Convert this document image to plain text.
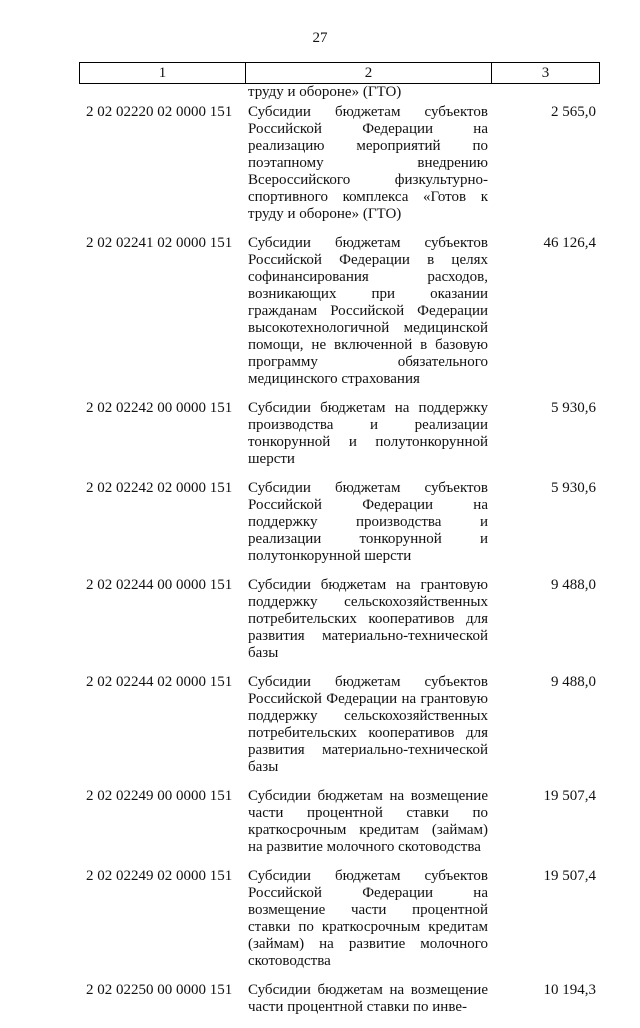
27
1	2	3
труду и обороне» (ГТО)
2 02 02220 02 0000 151 Субсидии бюджетам субъектов Российской Федерации на реализацию мероприятий по поэтапному внедрению Всероссийского физкультурно-спортивного комплекса «Готов к труду и обороне» (ГТО)
2 565,0
2 02 02241 02 0000 151 Субсидии бюджетам субъектов Российской Федерации в целях софинансирования расходов, возникающих при оказании гражданам Российской Федерации высокотехнологичной медицинской помощи, не включенной в базовую программу обязательного медицинского страхования
46 126,4
2 02 02242 00 0000 151 Субсидии бюджетам на поддержку производства и реализации тонкорунной и полутонкорунной шерсти
5 930,6
2 02 02242 02 0000 151 Субсидии бюджетам субъектов Российской Федерации на поддержку производства и реализации тонкорунной и полутонкорунной шерсти
5 930,6
2 02 02244 00 0000 151 Субсидии бюджетам на грантовую поддержку сельскохозяйственных потребительских кооперативов для развития материально-технической базы
9 488,0
2 02 02244 02 0000 151 Субсидии бюджетам субъектов Российской Федерации на грантовую поддержку сельскохозяйственных потребительских кооперативов для развития материально-технической базы
9 488,0
2 02 02249 00 0000 151 Субсидии бюджетам на возмещение части процентной ставки по краткосрочным кредитам (займам) на развитие молочного скотоводства
19 507,4
2 02 02249 02 0000 151 Субсидии бюджетам субъектов Российской Федерации на возмещение части процентной ставки по краткосрочным кредитам (займам) на развитие молочного скотоводства
19 507,4
2 02 02250 00 0000 151 Субсидии бюджетам на возмещение части процентной ставки по инве-
10 194,3
